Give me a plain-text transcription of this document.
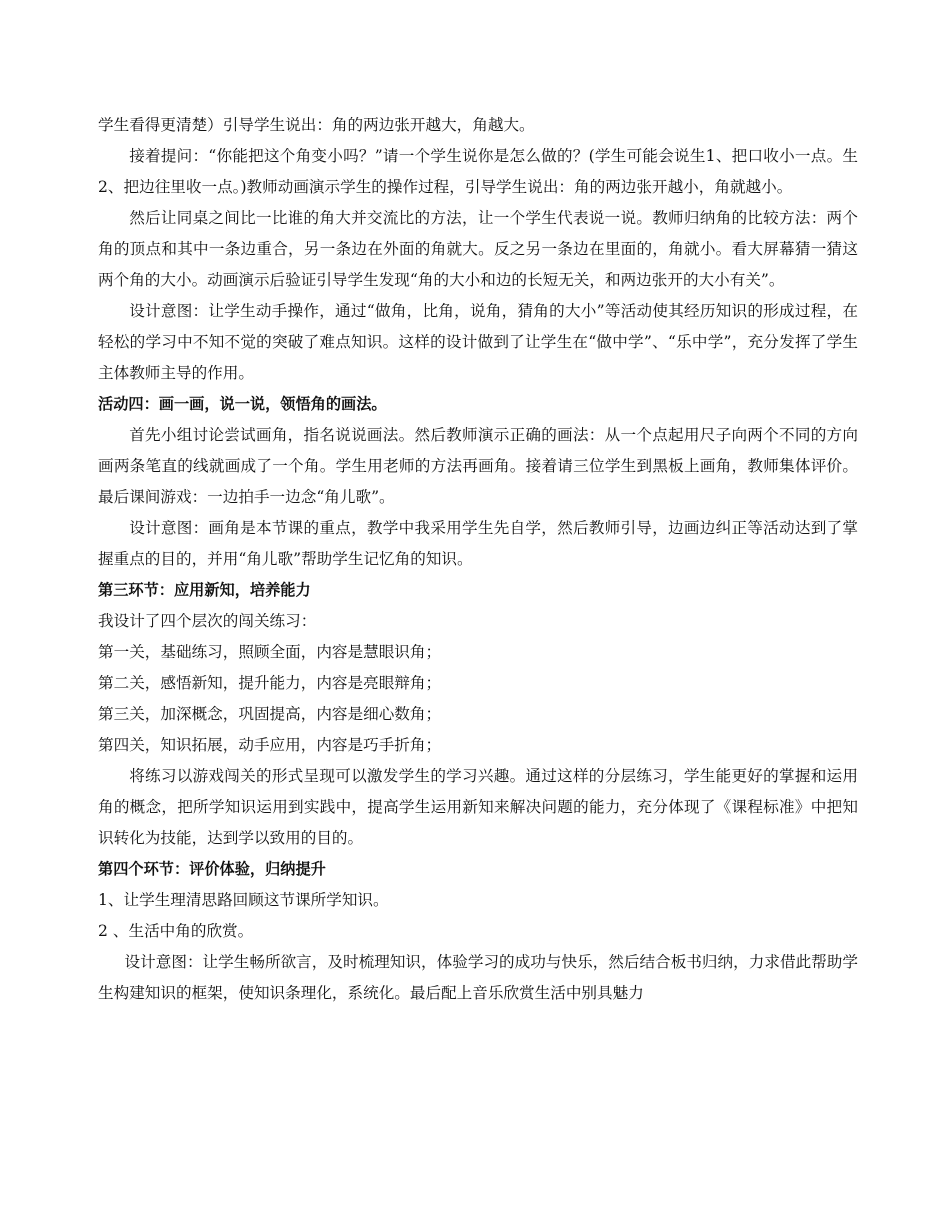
学生看得更清楚）引导学生说出：角的两边张开越大，角越大。

接着提问：“你能把这个角变小吗？”请一个学生说你是怎么做的？(学生可能会说生1、把口收小一点。生2、把边往里收一点。)教师动画演示学生的操作过程，引导学生说出：角的两边张开越小，角就越小。

然后让同桌之间比一比谁的角大并交流比的方法，让一个学生代表说一说。教师归纳角的比较方法：两个角的顶点和其中一条边重合，另一条边在外面的角就大。反之另一条边在里面的，角就小。看大屏幕猜一猜这两个角的大小。动画演示后验证引导学生发现“角的大小和边的长短无关，和两边张开的大小有关”。

设计意图：让学生动手操作，通过“做角，比角，说角，猜角的大小”等活动使其经历知识的形成过程，在轻松的学习中不知不觉的突破了难点知识。这样的设计做到了让学生在“做中学”、“乐中学”，充分发挥了学生主体教师主导的作用。

活动四：画一画，说一说，领悟角的画法。

首先小组讨论尝试画角，指名说说画法。然后教师演示正确的画法：从一个点起用尺子向两个不同的方向画两条笔直的线就画成了一个角。学生用老师的方法再画角。接着请三位学生到黑板上画角，教师集体评价。最后课间游戏：一边拍手一边念“角儿歌”。

设计意图：画角是本节课的重点，教学中我采用学生先自学，然后教师引导，边画边纠正等活动达到了掌握重点的目的，并用“角儿歌”帮助学生记忆角的知识。

第三环节：应用新知，培养能力

我设计了四个层次的闯关练习：

第一关，基础练习，照顾全面，内容是慧眼识角；

第二关，感悟新知，提升能力，内容是亮眼辩角；

第三关，加深概念，巩固提高，内容是细心数角；

第四关，知识拓展，动手应用，内容是巧手折角；

将练习以游戏闯关的形式呈现可以激发学生的学习兴趣。通过这样的分层练习，学生能更好的掌握和运用角的概念，把所学知识运用到实践中，提高学生运用新知来解决问题的能力，充分体现了《课程标准》中把知识转化为技能，达到学以致用的目的。

第四个环节：评价体验，归纳提升

1、让学生理清思路回顾这节课所学知识。

2 、生活中角的欣赏。

设计意图：让学生畅所欲言，及时梳理知识，体验学习的成功与快乐，然后结合板书归纳，力求借此帮助学生构建知识的框架，使知识条理化，系统化。最后配上音乐欣赏生活中别具魅力
